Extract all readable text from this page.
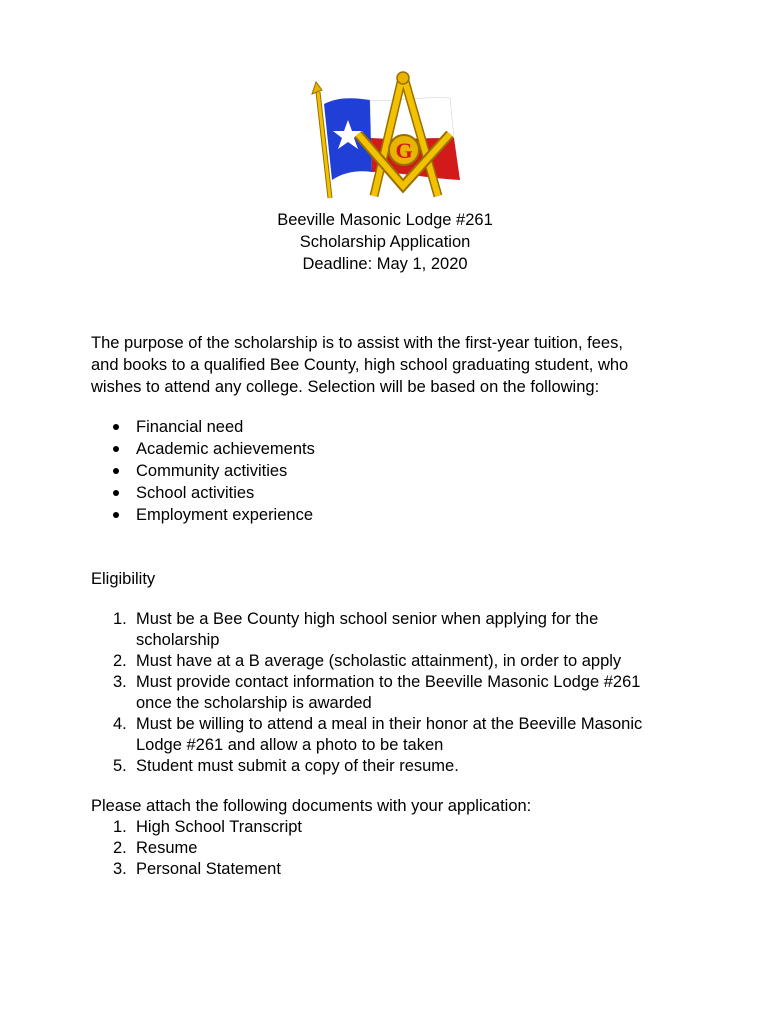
G
Beeville Masonic Lodge #261
Scholarship Application
Deadline: May 1, 2020
The purpose of the scholarship is to assist with the first-year tuition, fees,
and books to a qualified Bee County, high school graduating student, who
wishes to attend any college. Selection will be based on the following:
Financial need
Academic achievements
Community activities
School activities
Employment experience
Eligibility
1. Must be a Bee County high school senior when applying for the
scholarship
2. Must have at a B average (scholastic attainment), in order to apply
3. Must provide contact information to the Beeville Masonic Lodge #261
once the scholarship is awarded
4. Must be willing to attend a meal in their honor at the Beeville Masonic
Lodge #261 and allow a photo to be taken
5. Student must submit a copy of their resume.
Please attach the following documents with your application:
1. High School Transcript
2. Resume
3. Personal Statement
